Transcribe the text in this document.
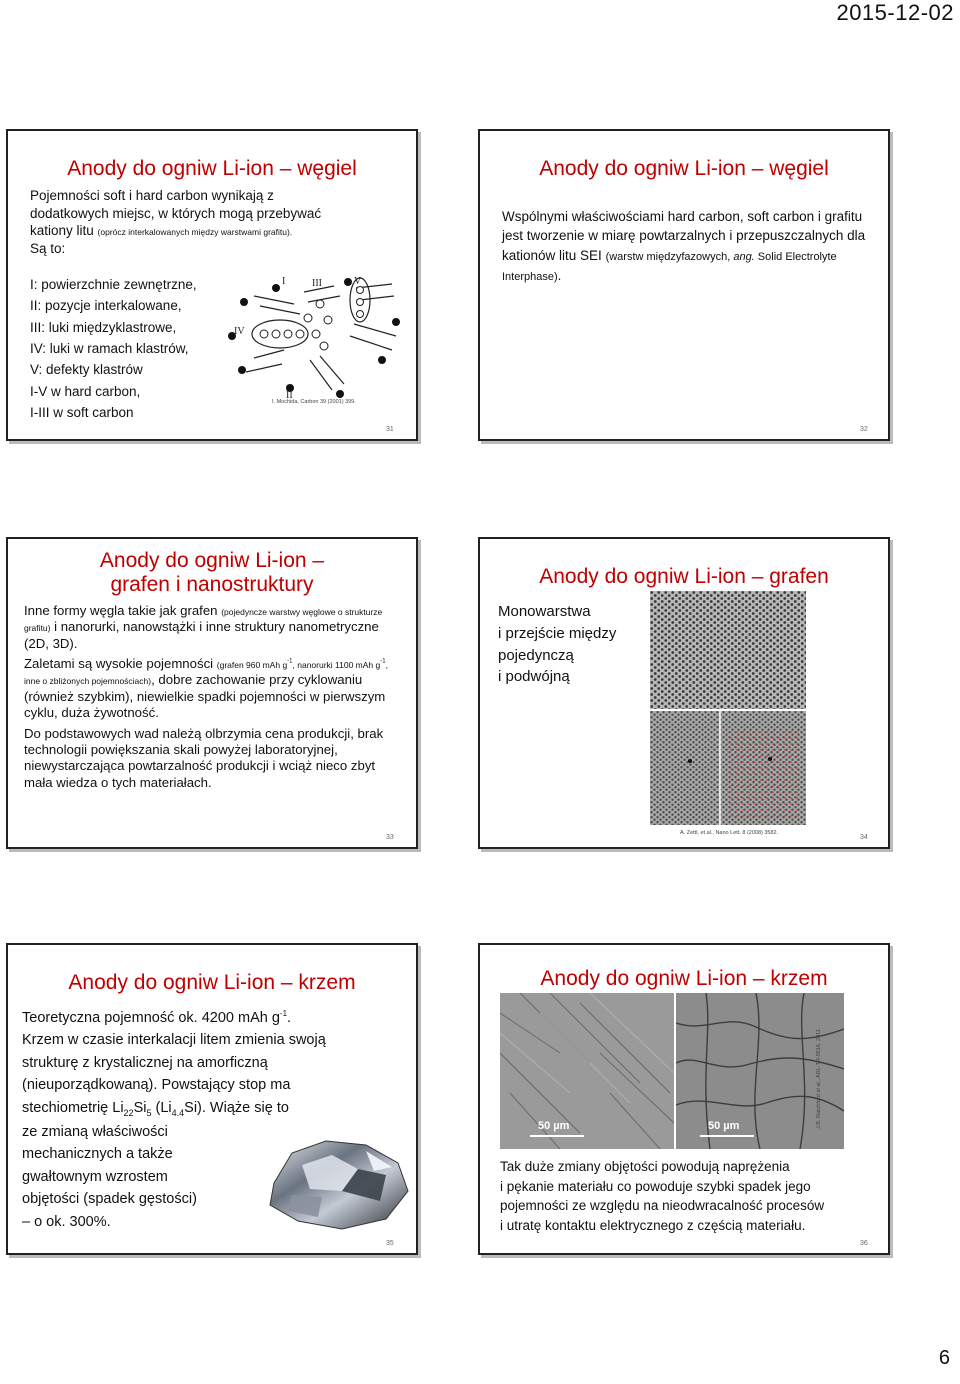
2015-12-02
Anody do ogniw Li-ion – węgiel
Pojemności soft i hard carbon wynikają z
dodatkowych miejsc, w których mogą przebywać
kationy litu (oprócz interkalowanych między warstwami grafitu).
Są to:
I: powierzchnie zewnętrzne,
II: pozycje interkalowane,
III: luki międzyklastrowe,
IV: luki w ramach klastrów,
V: defekty klastrów
I-V w hard carbon,
I-III w soft carbon
I	III	V
IV
II
I. Mochida, Carbon 39 (2001) 399.
31
Anody do ogniw Li-ion – węgiel
Wspólnymi właściwościami hard carbon, soft carbon i grafitu jest tworzenie w miarę powtarzalnych i przepuszczalnych dla kationów litu SEI (warstw międzyfazowych, ang. Solid Electrolyte Interphase).
32
Anody do ogniw Li-ion –
grafen i nanostruktury
Inne formy węgla takie jak grafen (pojedyncze warstwy węglowe o strukturze grafitu) i nanorurki, nanowstążki i inne struktury nanometryczne (2D, 3D).
Zaletami są wysokie pojemności (grafen 960 mAh $g^{-1}$, nanorurki 1100 mAh $g^{-1}$, inne o zbliżonych pojemnościach), dobre zachowanie przy cyklowaniu (również szybkim), niewielkie spadki pojemności w pierwszym cyklu, duża żywotność.
Do podstawowych wad należą olbrzymia cena produkcji, brak technologii powiększania skali powyżej laboratoryjnej, niewystarczająca powtarzalność produkcji i wciąż nieco zbyt mała wiedza o tych materiałach.
33
Anody do ogniw Li-ion – grafen
Monowarstwa
i przejście między
pojedynczą
i podwójną
A. Zettl, et al., Nano Lett. 8 (2008) 3582.
34
Anody do ogniw Li-ion – krzem
Teoretyczna pojemność ok. 4200 mAh $g^{-1}$.
Krzem w czasie interkalacji litem zmienia swoją
strukturę z krystalicznej na amorficzną
(nieuporządkowaną). Powstający stop ma
stechiometrię $Li_{22}Si_5$ $(Li_{4.4}Si)$. Wiąże się to
ze zmianą właściwości
mechanicznych a także
gwałtownym wzrostem
objętości (spadek gęstości)
– o ok. 300%.
35
Anody do ogniw Li-ion – krzem
50 µm	50 µm	J.B. Ratchford et al., ARL-TR-5616, 2011.
Tak duże zmiany objętości powodują naprężenia
i pękanie materiału co powoduje szybki spadek jego
pojemności ze względu na nieodwracalność procesów
i utratę kontaktu elektrycznego z częścią materiału.
36
6
